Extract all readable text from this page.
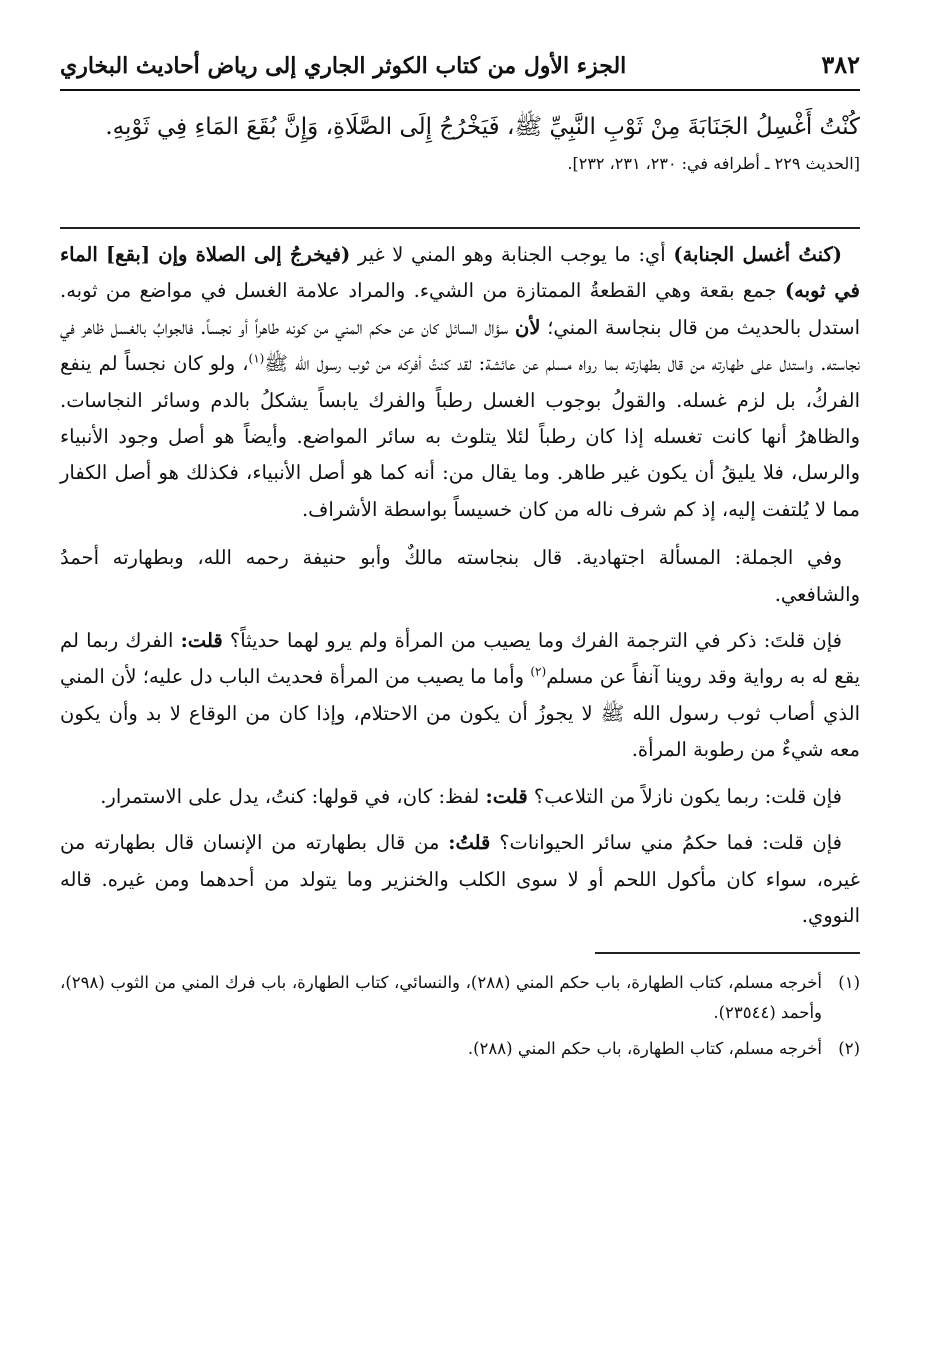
٣٨٢
الجزء الأول من كتاب الكوثر الجاري إلى رياض أحاديث البخاري

كُنْتُ أَغْسِلُ الجَنَابَةَ مِنْ ثَوْبِ النَّبِيِّ ﷺ، فَيَخْرُجُ إِلَى الصَّلَاةِ، وَإِنَّ بُقَعَ المَاءِ فِي ثَوْبِهِ.

[الحديث ٢٢٩ ـ أطرافه في: ٢٣٠، ٢٣١، ٢٣٢].

(كنتُ أغسل الجنابة) أي: ما يوجب الجنابة وهو المني لا غير (فيخرجُ إلى الصلاة وإن [بقع] الماء في ثوبه) جمع بقعة وهي القطعةُ الممتازة من الشيء. والمراد علامة الغسل في مواضع من ثوبه. استدل بالحديث من قال بنجاسة المني؛ لأن سؤال السائل كان عن حكم المني من كونه طاهراً أو نجساً. فالجوابُ بالغسل ظاهر في نجاسته. واستدل على طهارته من قال بطهارته بما رواه مسلم عن عائشة: لقد كنتُ أفركه من ثوب رسول الله ﷺ$^{(١)}$، ولو كان نجساً لم ينفع الفركُ، بل لزم غسله. والقولُ بوجوب الغسل رطباً والفرك يابساً يشكلُ بالدم وسائر النجاسات. والظاهرُ أنها كانت تغسله إذا كان رطباً لئلا يتلوث به سائر المواضع. وأيضاً هو أصل وجود الأنبياء والرسل، فلا يليقُ أن يكون غير طاهر. وما يقال من: أنه كما هو أصل الأنبياء، فكذلك هو أصل الكفار مما لا يُلتفت إليه، إذ كم شرف ناله من كان خسيساً بواسطة الأشراف.

وفي الجملة: المسألة اجتهادية. قال بنجاسته مالكٌ وأبو حنيفة رحمه الله، وبطهارته أحمدُ والشافعي.

فإن قلتَ: ذكر في الترجمة الفرك وما يصيب من المرأة ولم يرو لهما حديثاً؟ قلت: الفرك ربما لم يقع له به رواية وقد روينا آنفاً عن مسلم$^{(٢)}$ وأما ما يصيب من المرأة فحديث الباب دل عليه؛ لأن المني الذي أصاب ثوب رسول الله ﷺ لا يجوزُ أن يكون من الاحتلام، وإذا كان من الوقاع لا بد وأن يكون معه شيءٌ من رطوبة المرأة.

فإن قلت: ربما يكون نازلاً من التلاعب؟ قلت: لفظ: كان، في قولها: كنتُ، يدل على الاستمرار.

فإن قلت: فما حكمُ مني سائر الحيوانات؟ قلتُ: من قال بطهارته من الإنسان قال بطهارته من غيره، سواء كان مأكول اللحم أو لا سوى الكلب والخنزير وما يتولد من أحدهما ومن غيره. قاله النووي.

(١)
أخرجه مسلم، كتاب الطهارة، باب حكم المني (٢٨٨)، والنسائي، كتاب الطهارة، باب فرك المني من الثوب (٢٩٨)، وأحمد (٢٣٥٤٤).
(٢)
أخرجه مسلم، كتاب الطهارة، باب حكم المني (٢٨٨).
